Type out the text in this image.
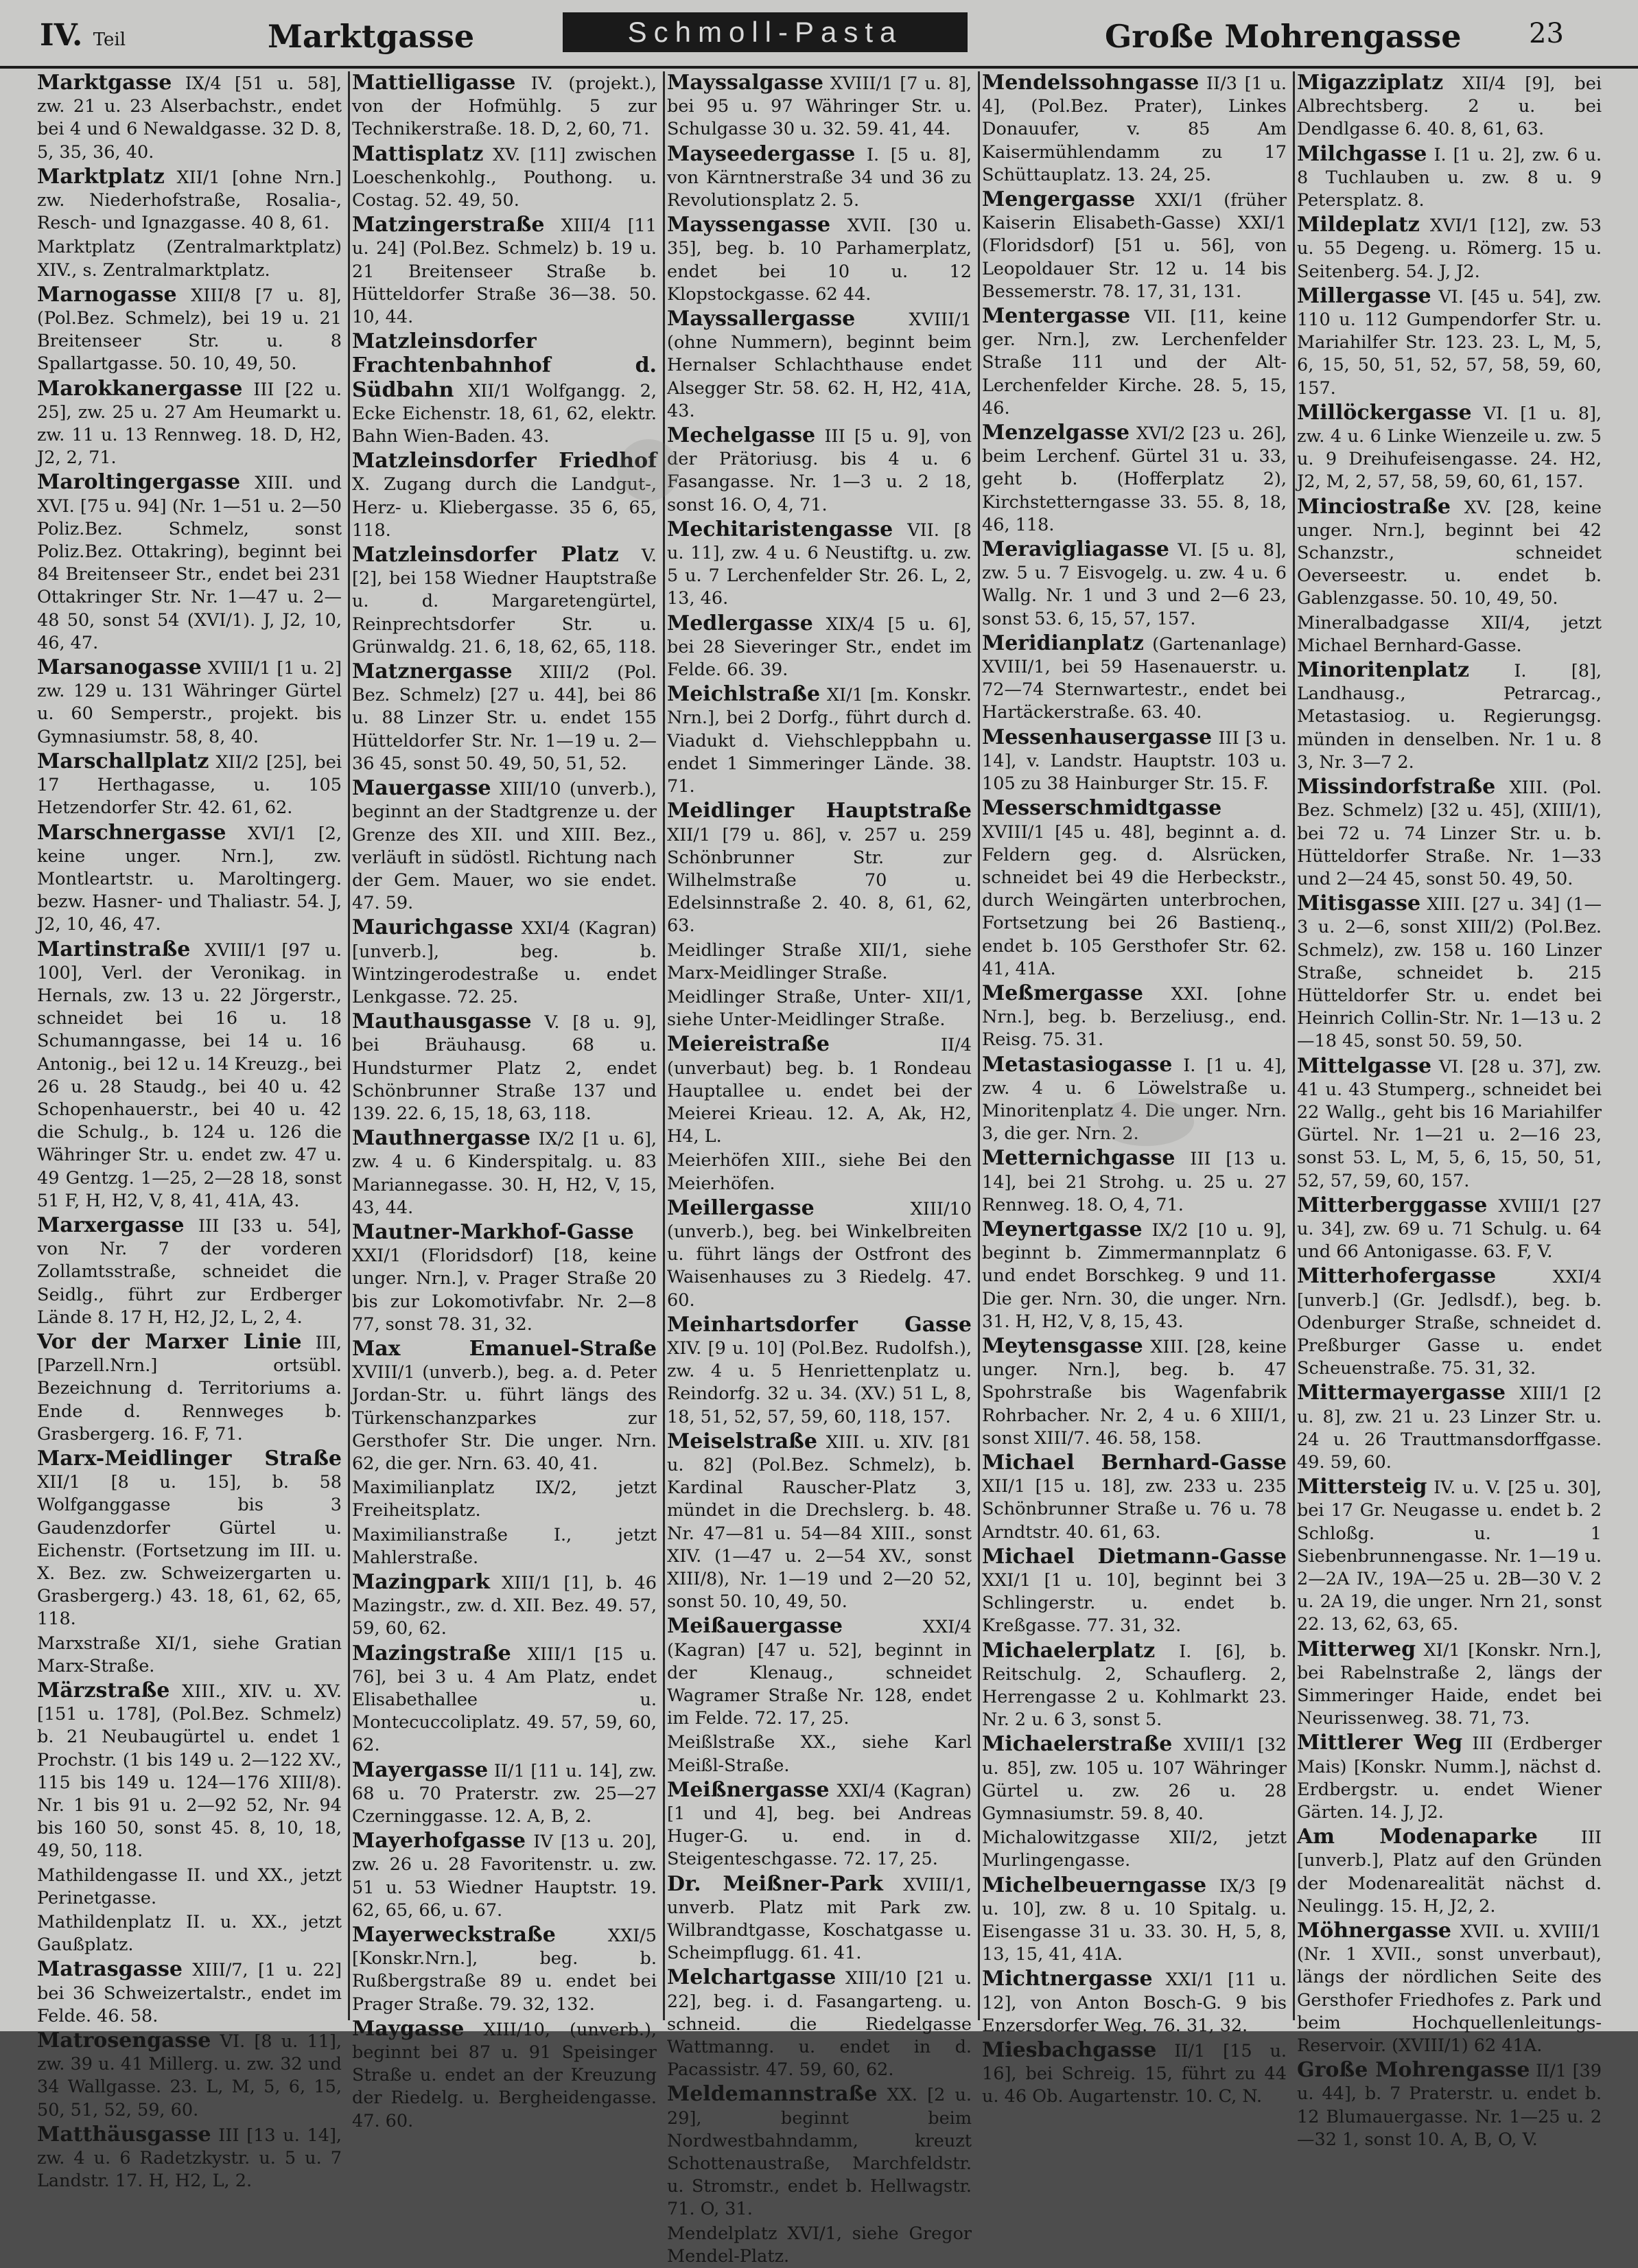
IV. Teil	Marktgasse	Schmoll-Pasta	Große Mohrengasse 23

Marktgasse IX/4 [51 u. 58], zw. 21 u. 23 Alserbachstr., endet bei 4 und 6 Newaldgasse. 32 D. 8, 5, 35, 36, 40.

Marktplatz XII/1 [ohne Nrn.] zw. Niederhofstraße, Rosalia-, Resch- und Ignazgasse. 40 8, 61.

Marktplatz (Zentralmarktplatz) XIV., s. Zentralmarktplatz.

Marnogasse XIII/8 [7 u. 8], (Pol.Bez. Schmelz), bei 19 u. 21 Breitenseer Str. u. 8 Spallartgasse. 50. 10, 49, 50.

Marokkanergasse III [22 u. 25], zw. 25 u. 27 Am Heumarkt u. zw. 11 u. 13 Rennweg. 18. D, H2, J2, 2, 71.

Maroltingergasse XIII. und XVI. [75 u. 94] (Nr. 1—51 u. 2—50 Poliz.Bez. Schmelz, sonst Poliz.Bez. Ottakring), beginnt bei 84 Breitenseer Str., endet bei 231 Ottakringer Str. Nr. 1—47 u. 2—48 50, sonst 54 (XVI/1). J, J2, 10, 46, 47.

Marsanogasse XVIII/1 [1 u. 2] zw. 129 u. 131 Währinger Gürtel u. 60 Semperstr., projekt. bis Gymnasiumstr. 58, 8, 40.

Marschallplatz XII/2 [25], bei 17 Herthagasse, u. 105 Hetzendorfer Str. 42. 61, 62.

Marschnergasse XVI/1 [2, keine unger. Nrn.], zw. Montleartstr. u. Maroltingerg. bezw. Hasner- und Thaliastr. 54. J, J2, 10, 46, 47.

Martinstraße XVIII/1 [97 u. 100], Verl. der Veronikag. in Hernals, zw. 13 u. 22 Jörgerstr., schneidet bei 16 u. 18 Schumanngasse, bei 14 u. 16 Antonig., bei 12 u. 14 Kreuzg., bei 26 u. 28 Staudg., bei 40 u. 42 Schopenhauerstr., bei 40 u. 42 die Schulg., b. 124 u. 126 die Währinger Str. u. endet zw. 47 u. 49 Gentzg. 1—25, 2—28 18, sonst 51 F, H, H2, V, 8, 41, 41A, 43.

Marxergasse III [33 u. 54], von Nr. 7 der vorderen Zollamtsstraße, schneidet die Seidlg., führt zur Erdberger Lände 8. 17 H, H2, J2, L, 2, 4.

Vor der Marxer Linie III, [Parzell.Nrn.] ortsübl. Bezeichnung d. Territoriums a. Ende d. Rennweges b. Grasbergerg. 16. F, 71.

Marx-Meidlinger Straße XII/1 [8 u. 15], b. 58 Wolfganggasse bis 3 Gaudenzdorfer Gürtel u. Eichenstr. (Fortsetzung im III. u. X. Bez. zw. Schweizergarten u. Grasbergerg.) 43. 18, 61, 62, 65, 118.

Marxstraße XI/1, siehe Gratian Marx-Straße.

Märzstraße XIII., XIV. u. XV. [151 u. 178], (Pol.Bez. Schmelz) b. 21 Neubaugürtel u. endet 1 Prochstr. (1 bis 149 u. 2—122 XV., 115 bis 149 u. 124—176 XIII/8). Nr. 1 bis 91 u. 2—92 52, Nr. 94 bis 160 50, sonst 45. 8, 10, 18, 49, 50, 118.

Mathildengasse II. und XX., jetzt Perinetgasse.

Mathildenplatz II. u. XX., jetzt Gaußplatz.

Matrasgasse XIII/7, [1 u. 22] bei 36 Schweizertalstr., endet im Felde. 46. 58.

Matrosengasse VI. [8 u. 11], zw. 39 u. 41 Millerg. u. zw. 32 und 34 Wallgasse. 23. L, M, 5, 6, 15, 50, 51, 52, 59, 60.

Matthäusgasse III [13 u. 14], zw. 4 u. 6 Radetzkystr. u. 5 u. 7 Landstr. 17. H, H2, L, 2.

Mattielligasse IV. (projekt.), von der Hofmühlg. 5 zur Technikerstraße. 18. D, 2, 60, 71.

Mattisplatz XV. [11] zwischen Loeschenkohlg., Pouthong. u. Costag. 52. 49, 50.

Matzingerstraße XIII/4 [11 u. 24] (Pol.Bez. Schmelz) b. 19 u. 21 Breitenseer Straße b. Hütteldorfer Straße 36—38. 50. 10, 44.

Matzleinsdorfer Frachtenbahnhof d. Südbahn XII/1 Wolfgangg. 2, Ecke Eichenstr. 18, 61, 62, elektr. Bahn Wien-Baden. 43.

Matzleinsdorfer Friedhof X. Zugang durch die Landgut-, Herz- u. Kliebergasse. 35 6, 65, 118.

Matzleinsdorfer Platz V. [2], bei 158 Wiedner Hauptstraße u. d. Margaretengürtel, Reinprechtsdorfer Str. u. Grünwaldg. 21. 6, 18, 62, 65, 118.

Matznergasse XIII/2 (Pol. Bez. Schmelz) [27 u. 44], bei 86 u. 88 Linzer Str. u. endet 155 Hütteldorfer Str. Nr. 1—19 u. 2—36 45, sonst 50. 49, 50, 51, 52.

Mauergasse XIII/10 (unverb.), beginnt an der Stadtgrenze u. der Grenze des XII. und XIII. Bez., verläuft in südöstl. Richtung nach der Gem. Mauer, wo sie endet. 47. 59.

Maurichgasse XXI/4 (Kagran) [unverb.], beg. b. Wintzingerodestraße u. endet Lenkgasse. 72. 25.

Mauthausgasse V. [8 u. 9], bei Bräuhausg. 68 u. Hundsturmer Platz 2, endet Schönbrunner Straße 137 und 139. 22. 6, 15, 18, 63, 118.

Mauthnergasse IX/2 [1 u. 6], zw. 4 u. 6 Kinderspitalg. u. 83 Mariannegasse. 30. H, H2, V, 15, 43, 44.

Mautner-Markhof-Gasse XXI/1 (Floridsdorf) [18, keine unger. Nrn.], v. Prager Straße 20 bis zur Lokomotivfabr. Nr. 2—8 77, sonst 78. 31, 32.

Max Emanuel-Straße XVIII/1 (unverb.), beg. a. d. Peter Jordan-Str. u. führt längs des Türkenschanzparkes zur Gersthofer Str. Die unger. Nrn. 62, die ger. Nrn. 63. 40, 41.

Maximilianplatz IX/2, jetzt Freiheitsplatz.

Maximilianstraße I., jetzt Mahlerstraße.

Mazingpark XIII/1 [1], b. 46 Mazingstr., zw. d. XII. Bez. 49. 57, 59, 60, 62.

Mazingstraße XIII/1 [15 u. 76], bei 3 u. 4 Am Platz, endet Elisabethallee u. Montecuccoliplatz. 49. 57, 59, 60, 62.

Mayergasse II/1 [11 u. 14], zw. 68 u. 70 Praterstr. zw. 25—27 Czerninggasse. 12. A, B, 2.

Mayerhofgasse IV [13 u. 20], zw. 26 u. 28 Favoritenstr. u. zw. 51 u. 53 Wiedner Hauptstr. 19. 62, 65, 66, u. 67.

Mayerweckstraße	XXI/5 [Konskr.Nrn.], beg. b. Rußbergstraße 89 u. endet bei Prager Straße. 79. 32, 132.

Maygasse XIII/10, (unverb.), beginnt bei 87 u. 91 Speisinger Straße u. endet an der Kreuzung der Riedelg. u. Bergheidengasse. 47. 60.

Mayssalgasse XVIII/1 [7 u. 8], bei 95 u. 97 Währinger Str. u. Schulgasse 30 u. 32. 59. 41, 44.

Mayseedergasse I. [5 u. 8], von Kärntnerstraße 34 und 36 zu Revolutionsplatz 2. 5.

Mayssengasse XVII. [30 u. 35], beg. b. 10 Parhamerplatz, endet bei 10 u. 12 Klopstockgasse. 62 44.

Mayssallergasse	XVIII/1 (ohne Nummern), beginnt beim Hernalser Schlachthause endet Alsegger Str. 58. 62. H, H2, 41A, 43.

Mechelgasse III [5 u. 9], von der Prätoriusg. bis 4 u. 6 Fasangasse. Nr. 1—3 u. 2 18, sonst 16. O, 4, 71.

Mechitaristengasse VII. [8 u. 11], zw. 4 u. 6 Neustiftg. u. zw. 5 u. 7 Lerchenfelder Str. 26. L, 2, 13, 46.

Medlergasse XIX/4 [5 u. 6], bei 28 Sieveringer Str., endet im Felde. 66. 39.

Meichlstraße XI/1 [m. Konskr. Nrn.], bei 2 Dorfg., führt durch d. Viadukt d. Viehschleppbahn u. endet 1 Simmeringer Lände. 38. 71.

Meidlinger Hauptstraße XII/1 [79 u. 86], v. 257 u. 259 Schönbrunner Str. zur Wilhelmstraße 70 u. Edelsinnstraße 2. 40. 8, 61, 62, 63.

Meidlinger Straße XII/1, siehe Marx-Meidlinger Straße.

Meidlinger Straße, Unter- XII/1, siehe Unter-Meidlinger Straße.

Meiereistraße	II/4 (unverbaut) beg. b. 1 Rondeau Hauptallee u. endet bei der Meierei Krieau. 12. A, Ak, H2, H4, L.

Meierhöfen XIII., siehe Bei den Meierhöfen.

Meillergasse	XIII/10 (unverb.), beg. bei Winkelbreiten u. führt längs der Ostfront des Waisenhauses zu 3 Riedelg. 47. 60.

Meinhartsdorfer Gasse XIV. [9 u. 10] (Pol.Bez. Rudolfsh.), zw. 4 u. 5 Henriettenplatz u. Reindorfg. 32 u. 34. (XV.) 51 L, 8, 18, 51, 52, 57, 59, 60, 118, 157.

Meiselstraße XIII. u. XIV. [81 u. 82] (Pol.Bez. Schmelz), b. Kardinal Rauscher-Platz 3, mündet in die Drechslerg. b. 48. Nr. 47—81 u. 54—84 XIII., sonst XIV. (1—47 u. 2—54 XV., sonst XIII/8), Nr. 1—19 und 2—20 52, sonst 50. 10, 49, 50.

Meißauergasse	XXI/4 (Kagran) [47 u. 52], beginnt in der Klenaug., schneidet Wagramer Straße Nr. 128, endet im Felde. 72. 17, 25.

Meißlstraße XX., siehe Karl Meißl-Straße.

Meißnergasse XXI/4 (Kagran) [1 und 4], beg. bei Andreas Huger-G. u. end. in d. Steigenteschgasse. 72. 17, 25.

Dr. Meißner-Park XVIII/1, unverb. Platz mit Park zw. Wilbrandtgasse, Koschatgasse u. Scheimpflugg. 61. 41.

Melchartgasse XIII/10 [21 u. 22], beg. i. d. Fasangarteng. u. schneid. die Riedelgasse Wattmanng. u. endet in d. Pacassistr. 47. 59, 60, 62.

Meldemannstraße XX. [2 u. 29], beginnt beim Nordwestbahndamm, kreuzt Schottenaustraße, Marchfeldstr. u. Stromstr., endet b. Hellwagstr. 71. O, 31.

Mendelplatz XVI/1, siehe Gregor Mendel-Platz.

Mendelssohngasse II/3 [1 u. 4], (Pol.Bez. Prater), Linkes Donauufer, v. 85 Am Kaisermühlendamm zu 17 Schüttauplatz. 13. 24, 25.

Mengergasse XXI/1 (früher Kaiserin Elisabeth-Gasse) XXI/1 (Floridsdorf) [51 u. 56], von Leopoldauer Str. 12 u. 14 bis Bessemerstr. 78. 17, 31, 131.

Mentergasse VII. [11, keine ger. Nrn.], zw. Lerchenfelder Straße 111 und der Alt-Lerchenfelder Kirche. 28. 5, 15, 46.

Menzelgasse XVI/2 [23 u. 26], beim Lerchenf. Gürtel 31 u. 33, geht b. (Hofferplatz 2), Kirchstetterngasse 33. 55. 8, 18, 46, 118.

Meravigliagasse VI. [5 u. 8], zw. 5 u. 7 Eisvogelg. u. zw. 4 u. 6 Wallg. Nr. 1 und 3 und 2—6 23, sonst 53. 6, 15, 57, 157.

Meridianplatz (Gartenanlage) XVIII/1, bei 59 Hasenauerstr. u. 72—74 Sternwartestr., endet bei Hartäckerstraße. 63. 40.

Messenhausergasse III [3 u. 14], v. Landstr. Hauptstr. 103 u. 105 zu 38 Hainburger Str. 15. F.

Messerschmidtgasse XVIII/1 [45 u. 48], beginnt a. d. Feldern geg. d. Alsrücken, schneidet bei 49 die Herbeckstr., durch Weingärten unterbrochen, Fortsetzung bei 26 Bastienq., endet b. 105 Gersthofer Str. 62. 41, 41A.

Meßmergasse XXI. [ohne Nrn.], beg. b. Berzeliusg., end. Reisg. 75. 31.

Metastasiogasse I. [1 u. 4], zw. 4 u. 6 Löwelstraße u. Minoritenplatz 4. Die unger. Nrn. 3, die ger. Nrn. 2.

Metternichgasse III [13 u. 14], bei 21 Strohg. u. 25 u. 27 Rennweg. 18. O, 4, 71.

Meynertgasse IX/2 [10 u. 9], beginnt b. Zimmermannplatz 6 und endet Borschkeg. 9 und 11. Die ger. Nrn. 30, die unger. Nrn. 31. H, H2, V, 8, 15, 43.

Meytensgasse XIII. [28, keine unger. Nrn.], beg. b. 47 Spohrstraße bis Wagenfabrik Rohrbacher. Nr. 2, 4 u. 6 XIII/1, sonst XIII/7. 46. 58, 158.

Michael Bernhard-Gasse XII/1 [15 u. 18], zw. 233 u. 235 Schönbrunner Straße u. 76 u. 78 Arndtstr. 40. 61, 63.

Michael Dietmann-Gasse XXI/1 [1 u. 10], beginnt bei 3 Schlingerstr. u. endet b. Kreßgasse. 77. 31, 32.

Michaelerplatz I. [6], b. Reitschulg. 2, Schauflerg. 2, Herrengasse 2 u. Kohlmarkt 23. Nr. 2 u. 6 3, sonst 5.

Michaelerstraße XVIII/1 [32 u. 85], zw. 105 u. 107 Währinger Gürtel u. zw. 26 u. 28 Gymnasiumstr. 59. 8, 40.

Michalowitzgasse XII/2, jetzt Murlingengasse.

Michelbeuerngasse IX/3 [9 u. 10], zw. 8 u. 10 Spitalg. u. Eisengasse 31 u. 33. 30. H, 5, 8, 13, 15, 41, 41A.

Michtnergasse XXI/1 [11 u. 12], von Anton Bosch-G. 9 bis Enzersdorfer Weg. 76. 31, 32.

Miesbachgasse II/1 [15 u. 16], bei Schreig. 15, führt zu 44 u. 46 Ob. Augartenstr. 10. C, N.

Migazziplatz XII/4 [9], bei Albrechtsberg. 2 u. bei Dendlgasse 6. 40. 8, 61, 63.

Milchgasse I. [1 u. 2], zw. 6 u. 8 Tuchlauben u. zw. 8 u. 9 Petersplatz. 8.

Mildeplatz XVI/1 [12], zw. 53 u. 55 Degeng. u. Römerg. 15 u. Seitenberg. 54. J, J2.

Millergasse VI. [45 u. 54], zw. 110 u. 112 Gumpendorfer Str. u. Mariahilfer Str. 123. 23. L, M, 5, 6, 15, 50, 51, 52, 57, 58, 59, 60, 157.

Millöckergasse VI. [1 u. 8], zw. 4 u. 6 Linke Wienzeile u. zw. 5 u. 9 Dreihufeisengasse. 24. H2, J2, M, 2, 57, 58, 59, 60, 61, 157.

Minciostraße XV. [28, keine unger. Nrn.], beginnt bei 42 Schanzstr., schneidet Oeverseestr. u. endet b. Gablenzgasse. 50. 10, 49, 50.

Mineralbadgasse XII/4, jetzt Michael Bernhard-Gasse.

Minoritenplatz	I. [8], Landhausg., Petrarcag., Metastasiog. u. Regierungsg. münden in denselben. Nr. 1 u. 8 3, Nr. 3—7 2.

Missindorfstraße XIII. (Pol. Bez. Schmelz) [32 u. 45], (XIII/1), bei 72 u. 74 Linzer Str. u. b. Hütteldorfer Straße. Nr. 1—33 und 2—24 45, sonst 50. 49, 50.

Mitisgasse XIII. [27 u. 34] (1—3 u. 2—6, sonst XIII/2) (Pol.Bez. Schmelz), zw. 158 u. 160 Linzer Straße, schneidet b. 215 Hütteldorfer Str. u. endet bei Heinrich Collin-Str. Nr. 1—13 u. 2—18 45, sonst 50. 59, 50.

Mittelgasse VI. [28 u. 37], zw. 41 u. 43 Stumperg., schneidet bei 22 Wallg., geht bis 16 Mariahilfer Gürtel. Nr. 1—21 u. 2—16 23, sonst 53. L, M, 5, 6, 15, 50, 51, 52, 57, 59, 60, 157.

Mitterberggasse XVIII/1 [27 u. 34], zw. 69 u. 71 Schulg. u. 64 und 66 Antonigasse. 63. F, V.

Mitterhofergasse	XXI/4 [unverb.] (Gr. Jedlsdf.), beg. b. Odenburger Straße, schneidet d. Preßburger Gasse u. endet Scheuenstraße. 75. 31, 32.

Mittermayergasse XIII/1 [2 u. 8], zw. 21 u. 23 Linzer Str. u. 24 u. 26 Trauttmansdorffgasse. 49. 59, 60.

Mittersteig IV. u. V. [25 u. 30], bei 17 Gr. Neugasse u. endet b. 2 Schloßg. u. 1 Siebenbrunnengasse. Nr. 1—19 u. 2—2A IV., 19A—25 u. 2B—30 V. 2 u. 2A 19, die unger. Nrn 21, sonst 22. 13, 62, 63, 65.

Mitterweg XI/1 [Konskr. Nrn.], bei Rabelnstraße 2, längs der Simmeringer Haide, endet bei Neurissenweg. 38. 71, 73.

Mittlerer Weg III (Erdberger Mais) [Konskr. Numm.], nächst d. Erdbergstr. u. endet Wiener Gärten. 14. J, J2.

Am Modenaparke III [unverb.], Platz auf den Gründen der Modenarealität nächst d. Neulingg. 15. H, J2, 2.

Möhnergasse XVII. u. XVIII/1 (Nr. 1 XVII., sonst unverbaut), längs der nördlichen Seite des Gersthofer Friedhofes z. Park und beim Hochquellenleitungs-Reservoir. (XVIII/1) 62 41A.

Große Mohrengasse II/1 [39 u. 44], b. 7 Praterstr. u. endet b. 12 Blumauergasse. Nr. 1—25 u. 2—32 1, sonst 10. A, B, O, V.
